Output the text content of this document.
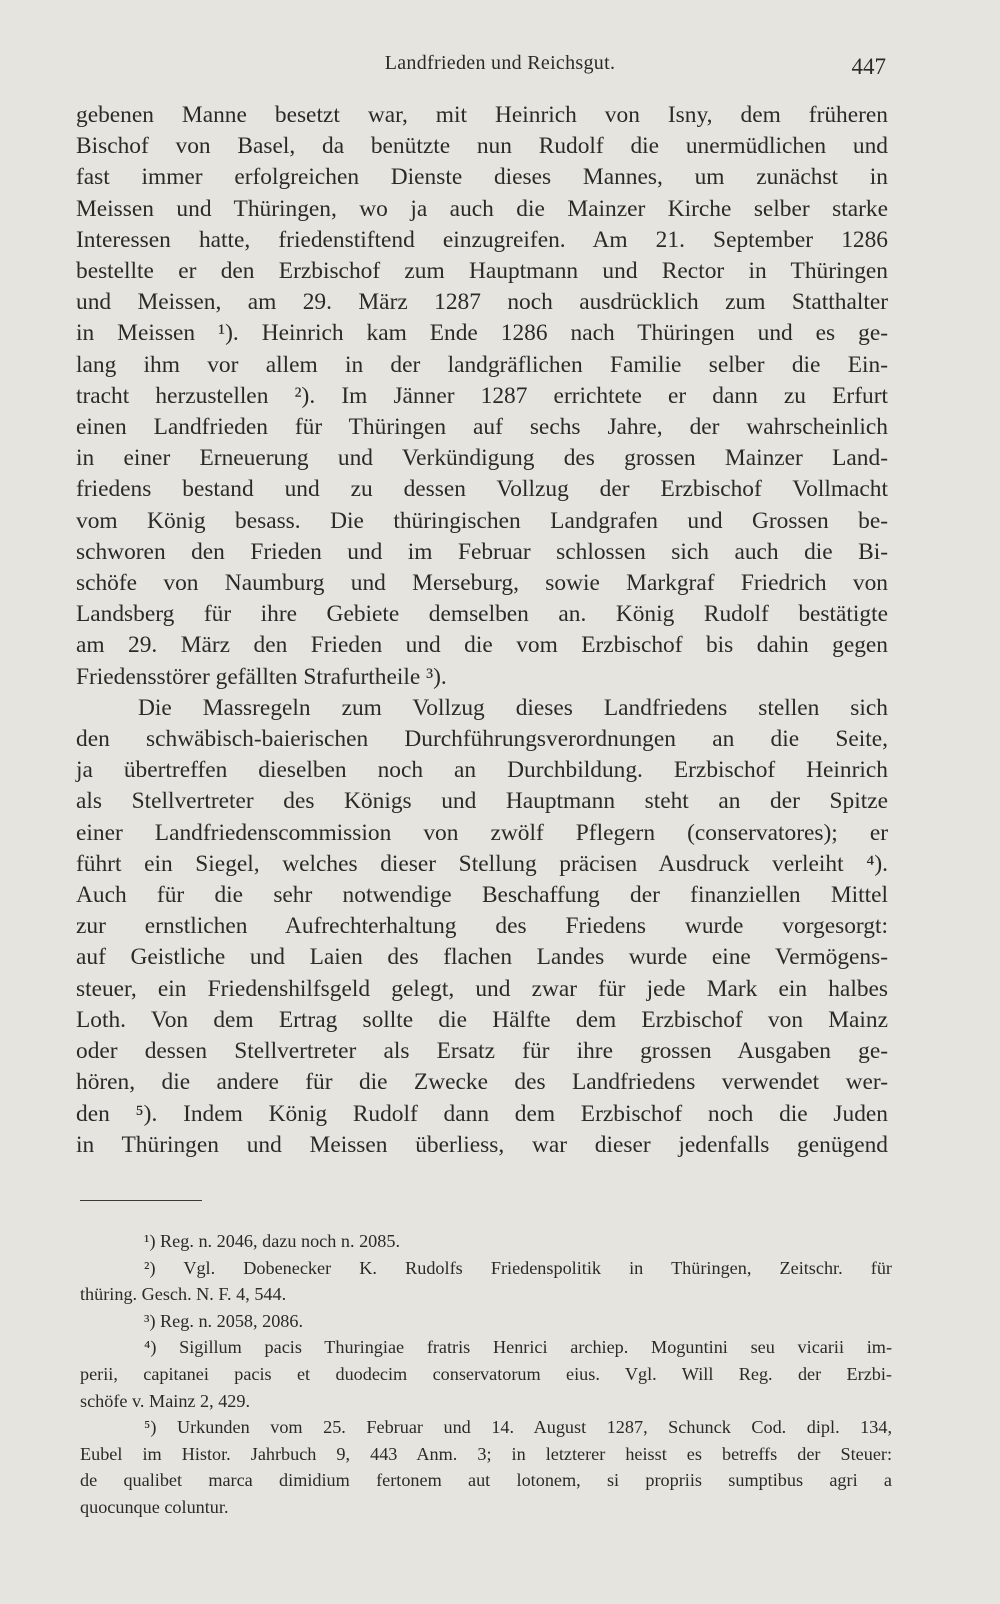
Landfrieden und Reichsgut.	447
gebenen Manne besetzt war, mit Heinrich von Isny, dem früheren
Bischof von Basel, da benützte nun Rudolf die unermüdlichen und
fast immer erfolgreichen Dienste dieses Mannes, um zunächst in
Meissen und Thüringen, wo ja auch die Mainzer Kirche selber starke
Interessen hatte, friedenstiftend einzugreifen. Am 21. September 1286
bestellte er den Erzbischof zum Hauptmann und Rector in Thüringen
und Meissen, am 29. März 1287 noch ausdrücklich zum Statthalter
in Meissen ¹). Heinrich kam Ende 1286 nach Thüringen und es ge-
lang ihm vor allem in der landgräflichen Familie selber die Ein-
tracht herzustellen ²). Im Jänner 1287 errichtete er dann zu Erfurt
einen Landfrieden für Thüringen auf sechs Jahre, der wahrscheinlich
in einer Erneuerung und Verkündigung des grossen Mainzer Land-
friedens bestand und zu dessen Vollzug der Erzbischof Vollmacht
vom König besass. Die thüringischen Landgrafen und Grossen be-
schworen den Frieden und im Februar schlossen sich auch die Bi-
schöfe von Naumburg und Merseburg, sowie Markgraf Friedrich von
Landsberg für ihre Gebiete demselben an. König Rudolf bestätigte
am 29. März den Frieden und die vom Erzbischof bis dahin gegen
Friedensstörer gefällten Strafurtheile ³).
Die Massregeln zum Vollzug dieses Landfriedens stellen sich
den schwäbisch-baierischen Durchführungsverordnungen an die Seite,
ja übertreffen dieselben noch an Durchbildung. Erzbischof Heinrich
als Stellvertreter des Königs und Hauptmann steht an der Spitze
einer Landfriedenscommission von zwölf Pflegern (conservatores); er
führt ein Siegel, welches dieser Stellung präcisen Ausdruck verleiht ⁴).
Auch für die sehr notwendige Beschaffung der finanziellen Mittel
zur ernstlichen Aufrechterhaltung des Friedens wurde vorgesorgt:
auf Geistliche und Laien des flachen Landes wurde eine Vermögens-
steuer, ein Friedenshilfsgeld gelegt, und zwar für jede Mark ein halbes
Loth. Von dem Ertrag sollte die Hälfte dem Erzbischof von Mainz
oder dessen Stellvertreter als Ersatz für ihre grossen Ausgaben ge-
hören, die andere für die Zwecke des Landfriedens verwendet wer-
den ⁵). Indem König Rudolf dann dem Erzbischof noch die Juden
in Thüringen und Meissen überliess, war dieser jedenfalls genügend
¹) Reg. n. 2046, dazu noch n. 2085.
²) Vgl. Dobenecker K. Rudolfs Friedenspolitik in Thüringen, Zeitschr. für
thüring. Gesch. N. F. 4, 544.
³) Reg. n. 2058, 2086.
⁴) Sigillum pacis Thuringiae fratris Henrici archiep. Moguntini seu vicarii im-
perii, capitanei pacis et duodecim conservatorum eius. Vgl. Will Reg. der Erzbi-
schöfe v. Mainz 2, 429.
⁵) Urkunden vom 25. Februar und 14. August 1287, Schunck Cod. dipl. 134,
Eubel im Histor. Jahrbuch 9, 443 Anm. 3; in letzterer heisst es betreffs der Steuer:
de qualibet marca dimidium fertonem aut lotonem, si propriis sumptibus agri a
quocunque coluntur.
